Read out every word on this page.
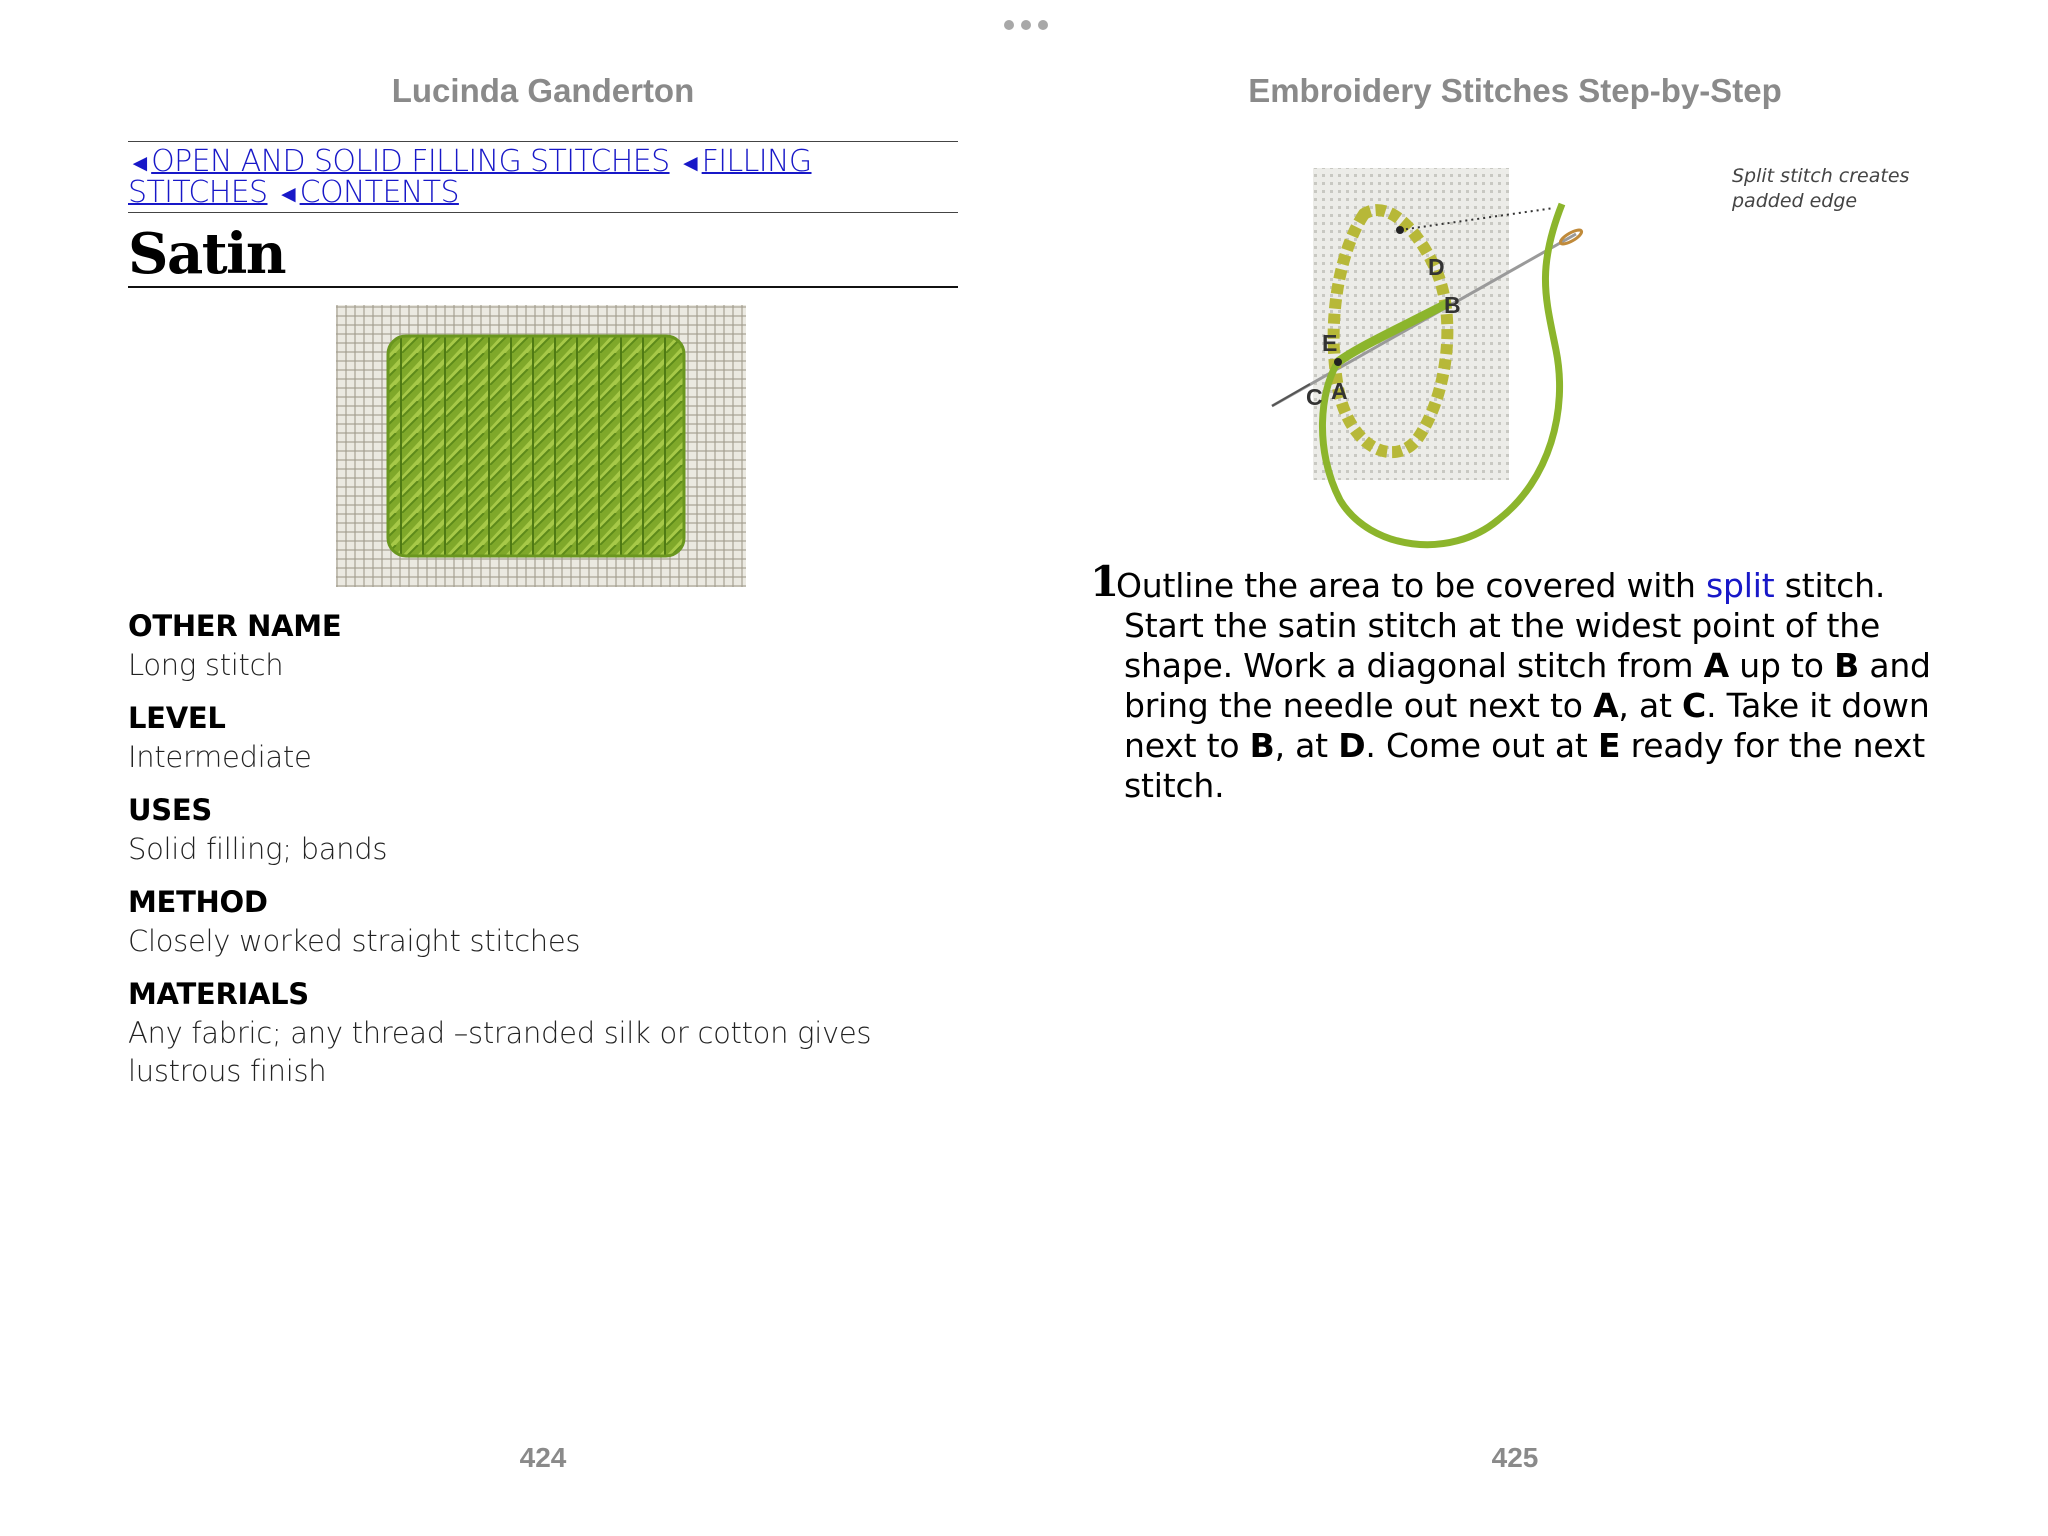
Lucinda Ganderton
◄OPEN AND SOLID FILLING STITCHES ◄FILLING STITCHES ◄CONTENTS
Satin

OTHER NAME

Long stitch

LEVEL

Intermediate

USES

Solid filling; bands

METHOD

Closely worked straight stitches

MATERIALS

Any fabric; any thread –stranded silk or cotton gives lustrous finish

424
Embroidery Stitches Step-by-Step
Split stitch creates
padded edge
D
B
E
C A
1
Outline the area to be covered with split stitch. Start the satin stitch at the widest point of the shape. Work a diagonal stitch from A up to B and bring the needle out next to A, at C. Take it down next to B, at D. Come out at E ready for the next stitch.
425
